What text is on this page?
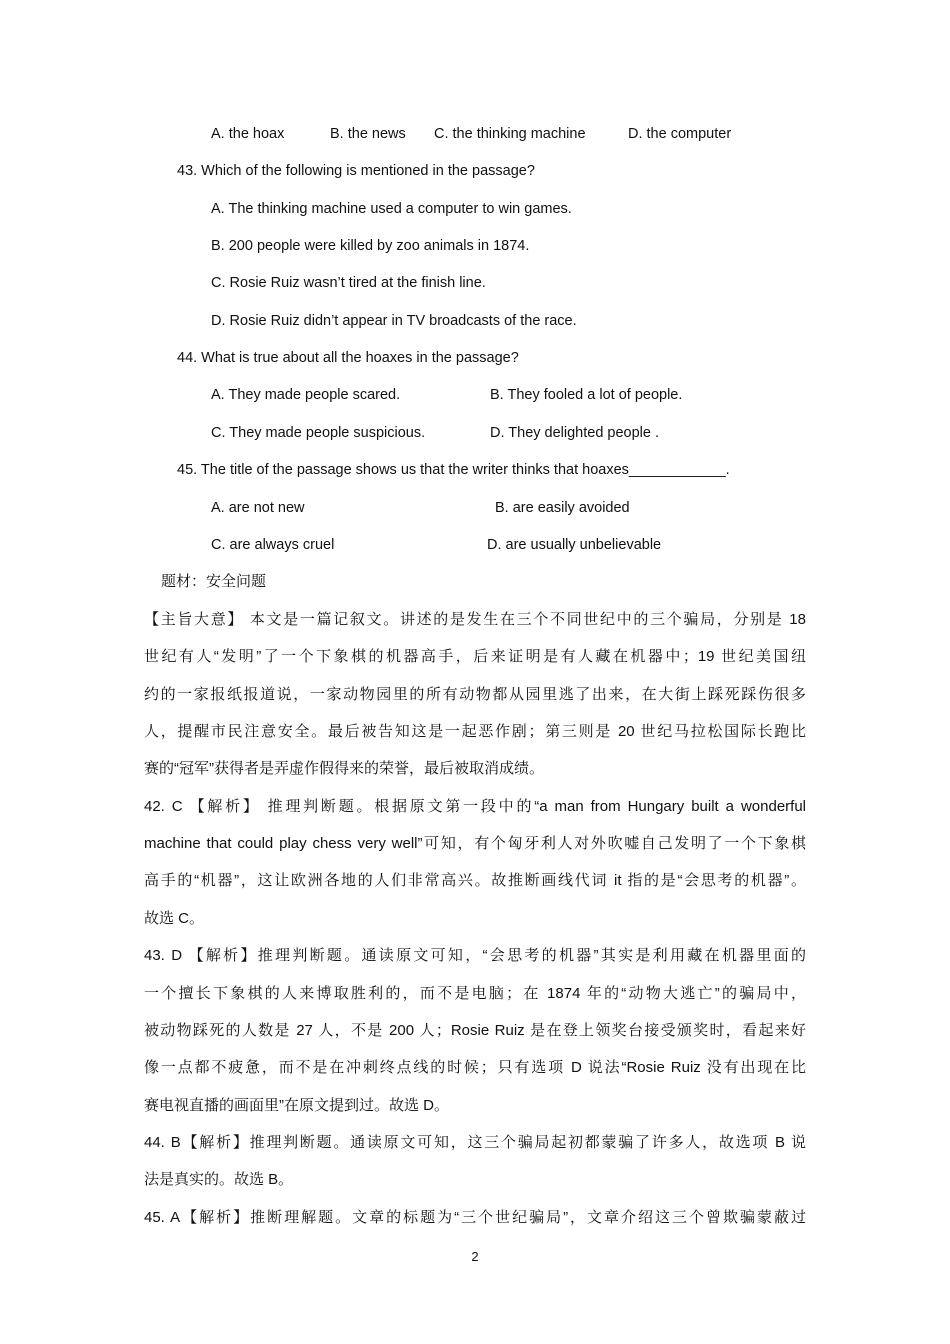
A. the hoax	B. the news C. the thinking machine	D. the computer
43. Which of the following is mentioned in the passage?
A. The thinking machine used a computer to win games.
B. 200 people were killed by zoo animals in 1874.
C. Rosie Ruiz wasn’t tired at the finish line.
D. Rosie Ruiz didn’t appear in TV broadcasts of the race.
44. What is true about all the hoaxes in the passage?
A. They made people scared.	B. They fooled a lot of people.
C. They made people suspicious.	D. They delighted people .
45. The title of the passage shows us that the writer thinks that hoaxes____________.
A. are not new	B. are easily avoided
C. are always cruel	D. are usually unbelievable
题材：安全问题
【主旨大意】 本文是一篇记叙文。讲述的是发生在三个不同世纪中的三个骗局，分别是 18
世纪有人“发明”了一个下象棋的机器高手，后来证明是有人藏在机器中；19 世纪美国纽
约的一家报纸报道说，一家动物园里的所有动物都从园里逃了出来，在大街上踩死踩伤很多
人，提醒市民注意安全。最后被告知这是一起恶作剧；第三则是 20 世纪马拉松国际长跑比
赛的“冠军”获得者是弄虚作假得来的荣誉，最后被取消成绩。
42. C 【解析】 推理判断题。根据原文第一段中的“a man from Hungary built a wonderful
machine that could play chess very well”可知，有个匈牙利人对外吹嘘自己发明了一个下象棋
高手的“机器”，这让欧洲各地的人们非常高兴。故推断画线代词 it 指的是“会思考的机器”。
故选 C。
43. D 【解析】推理判断题。通读原文可知，“会思考的机器”其实是利用藏在机器里面的
一个擅长下象棋的人来博取胜利的，而不是电脑；在 1874 年的“动物大逃亡”的骗局中，
被动物踩死的人数是 27 人，不是 200 人；Rosie Ruiz 是在登上领奖台接受颁奖时，看起来好
像一点都不疲惫，而不是在冲刺终点线的时候；只有选项 D 说法“Rosie Ruiz 没有出现在比
赛电视直播的画面里”在原文提到过。故选 D。
44. B【解析】推理判断题。通读原文可知，这三个骗局起初都蒙骗了许多人，故选项 B 说
法是真实的。故选 B。
45. A【解析】推断理解题。文章的标题为“三个世纪骗局”，文章介绍这三个曾欺骗蒙蔽过
2
